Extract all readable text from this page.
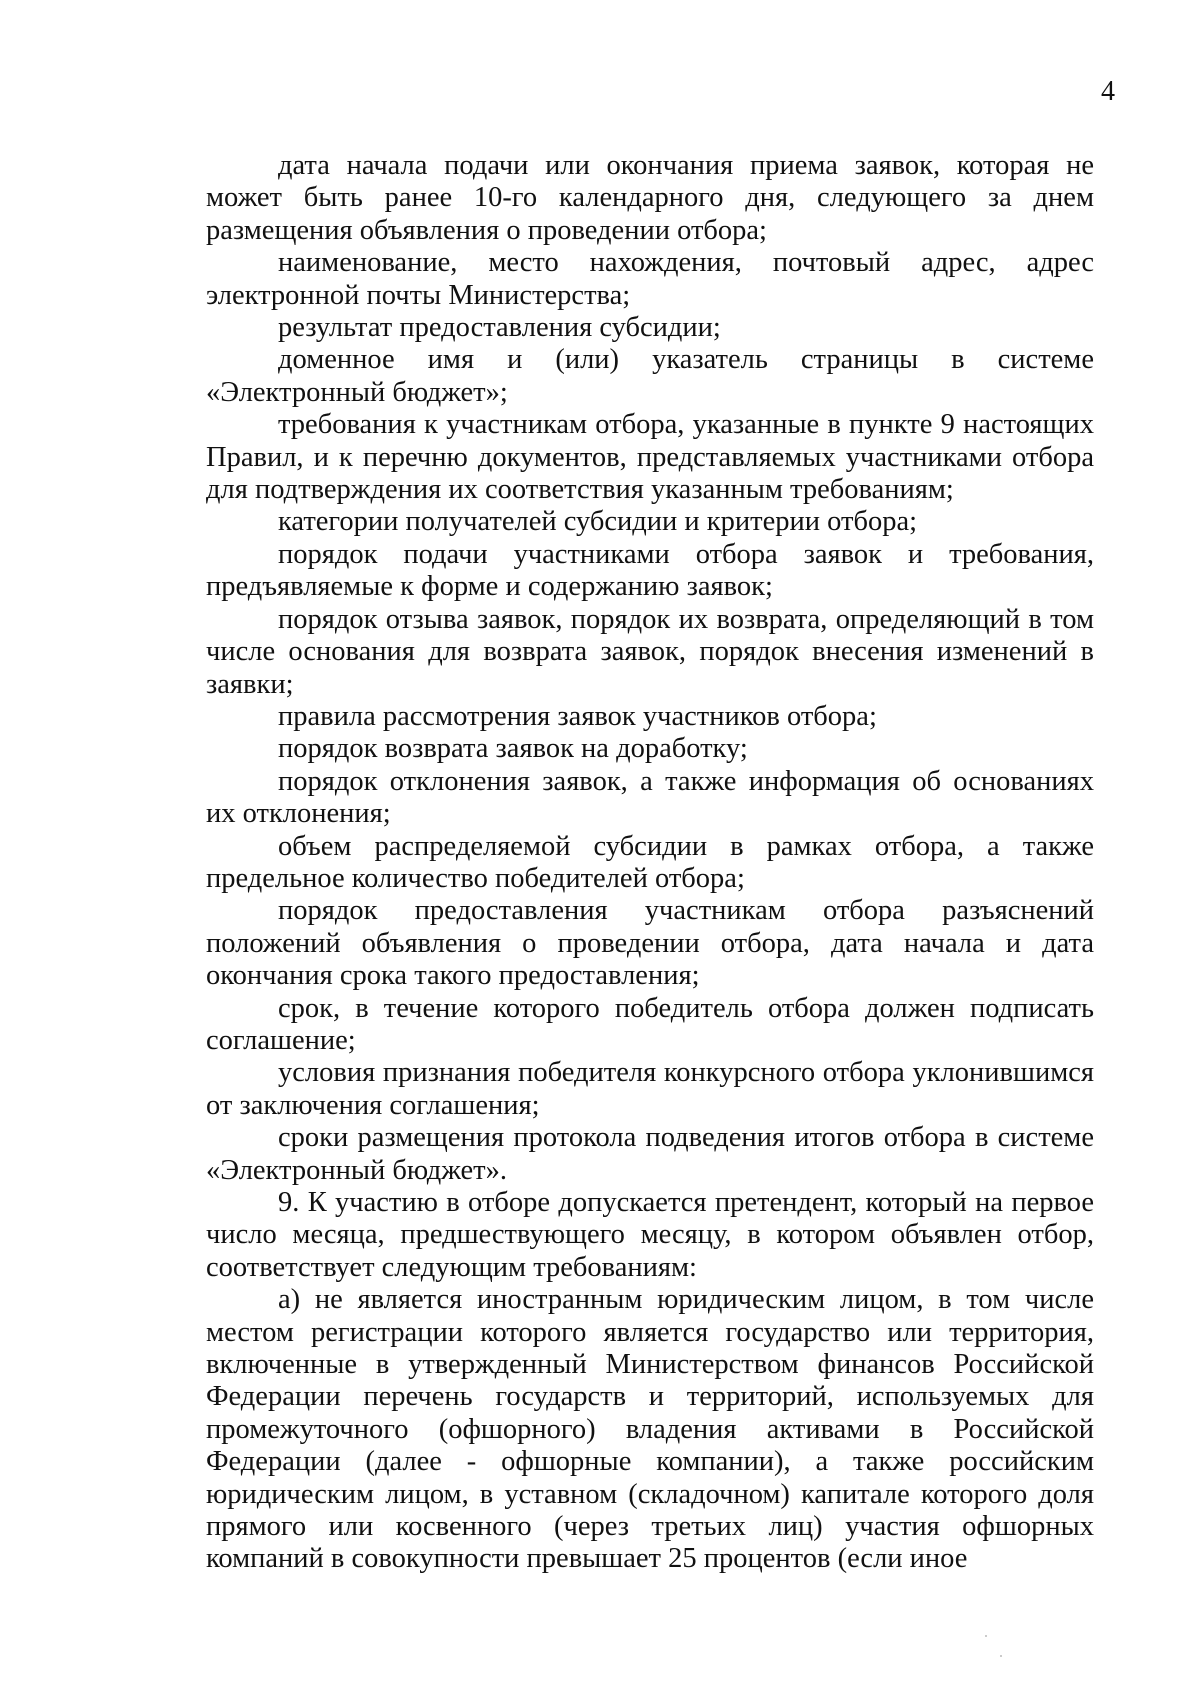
4

дата начала подачи или окончания приема заявок, которая не может быть ранее 10-го календарного дня, следующего за днем размещения объявления о проведении отбора;

наименование, место нахождения, почтовый адрес, адрес электронной почты Министерства;

результат предоставления субсидии;

доменное имя и (или) указатель страницы в системе «Электронный бюджет»;

требования к участникам отбора, указанные в пункте 9 настоящих Правил, и к перечню документов, представляемых участниками отбора для подтверждения их соответствия указанным требованиям;

категории получателей субсидии и критерии отбора;

порядок подачи участниками отбора заявок и требования, предъявляемые к форме и содержанию заявок;

порядок отзыва заявок, порядок их возврата, определяющий в том числе основания для возврата заявок, порядок внесения изменений в заявки;

правила рассмотрения заявок участников отбора;

порядок возврата заявок на доработку;

порядок отклонения заявок, а также информация об основаниях их отклонения;

объем распределяемой субсидии в рамках отбора, а также предельное количество победителей отбора;

порядок предоставления участникам отбора разъяснений положений объявления о проведении отбора, дата начала и дата окончания срока такого предоставления;

срок, в течение которого победитель отбора должен подписать соглашение;

условия признания победителя конкурсного отбора уклонившимся от заключения соглашения;

сроки размещения протокола подведения итогов отбора в системе «Электронный бюджет».

9. К участию в отборе допускается претендент, который на первое число месяца, предшествующего месяцу, в котором объявлен отбор, соответствует следующим требованиям:

а) не является иностранным юридическим лицом, в том числе местом регистрации которого является государство или территория, включенные в утвержденный Министерством финансов Российской Федерации перечень государств и территорий, используемых для промежуточного (офшорного) владения активами в Российской Федерации (далее - офшорные компании), а также российским юридическим лицом, в уставном (складочном) капитале которого доля прямого или косвенного (через третьих лиц) участия офшорных компаний в совокупности превышает 25 процентов (если иное
